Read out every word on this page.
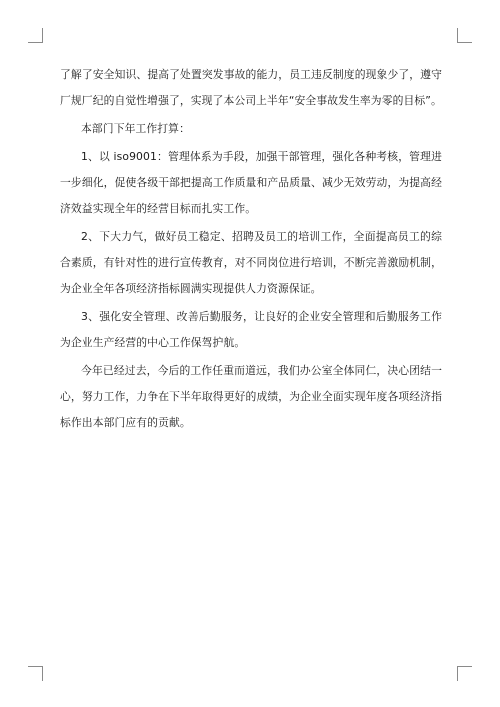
了解了安全知识、提高了处置突发事故的能力，员工违反制度的现象少了，遵守厂规厂纪的自觉性增强了，实现了本公司上半年“安全事故发生率为零的目标”。

本部门下年工作打算：

1、以 iso9001：管理体系为手段，加强干部管理，强化各种考核，管理进一步细化，促使各级干部把提高工作质量和产品质量、减少无效劳动，为提高经济效益实现全年的经营目标而扎实工作。

2、下大力气，做好员工稳定、招聘及员工的培训工作，全面提高员工的综合素质，有针对性的进行宣传教育，对不同岗位进行培训，不断完善激励机制，为企业全年各项经济指标圆满实现提供人力资源保证。

3、强化安全管理、改善后勤服务，让良好的企业安全管理和后勤服务工作为企业生产经营的中心工作保驾护航。

今年已经过去，今后的工作任重而道远，我们办公室全体同仁，决心团结一心，努力工作，力争在下半年取得更好的成绩，为企业全面实现年度各项经济指标作出本部门应有的贡献。
